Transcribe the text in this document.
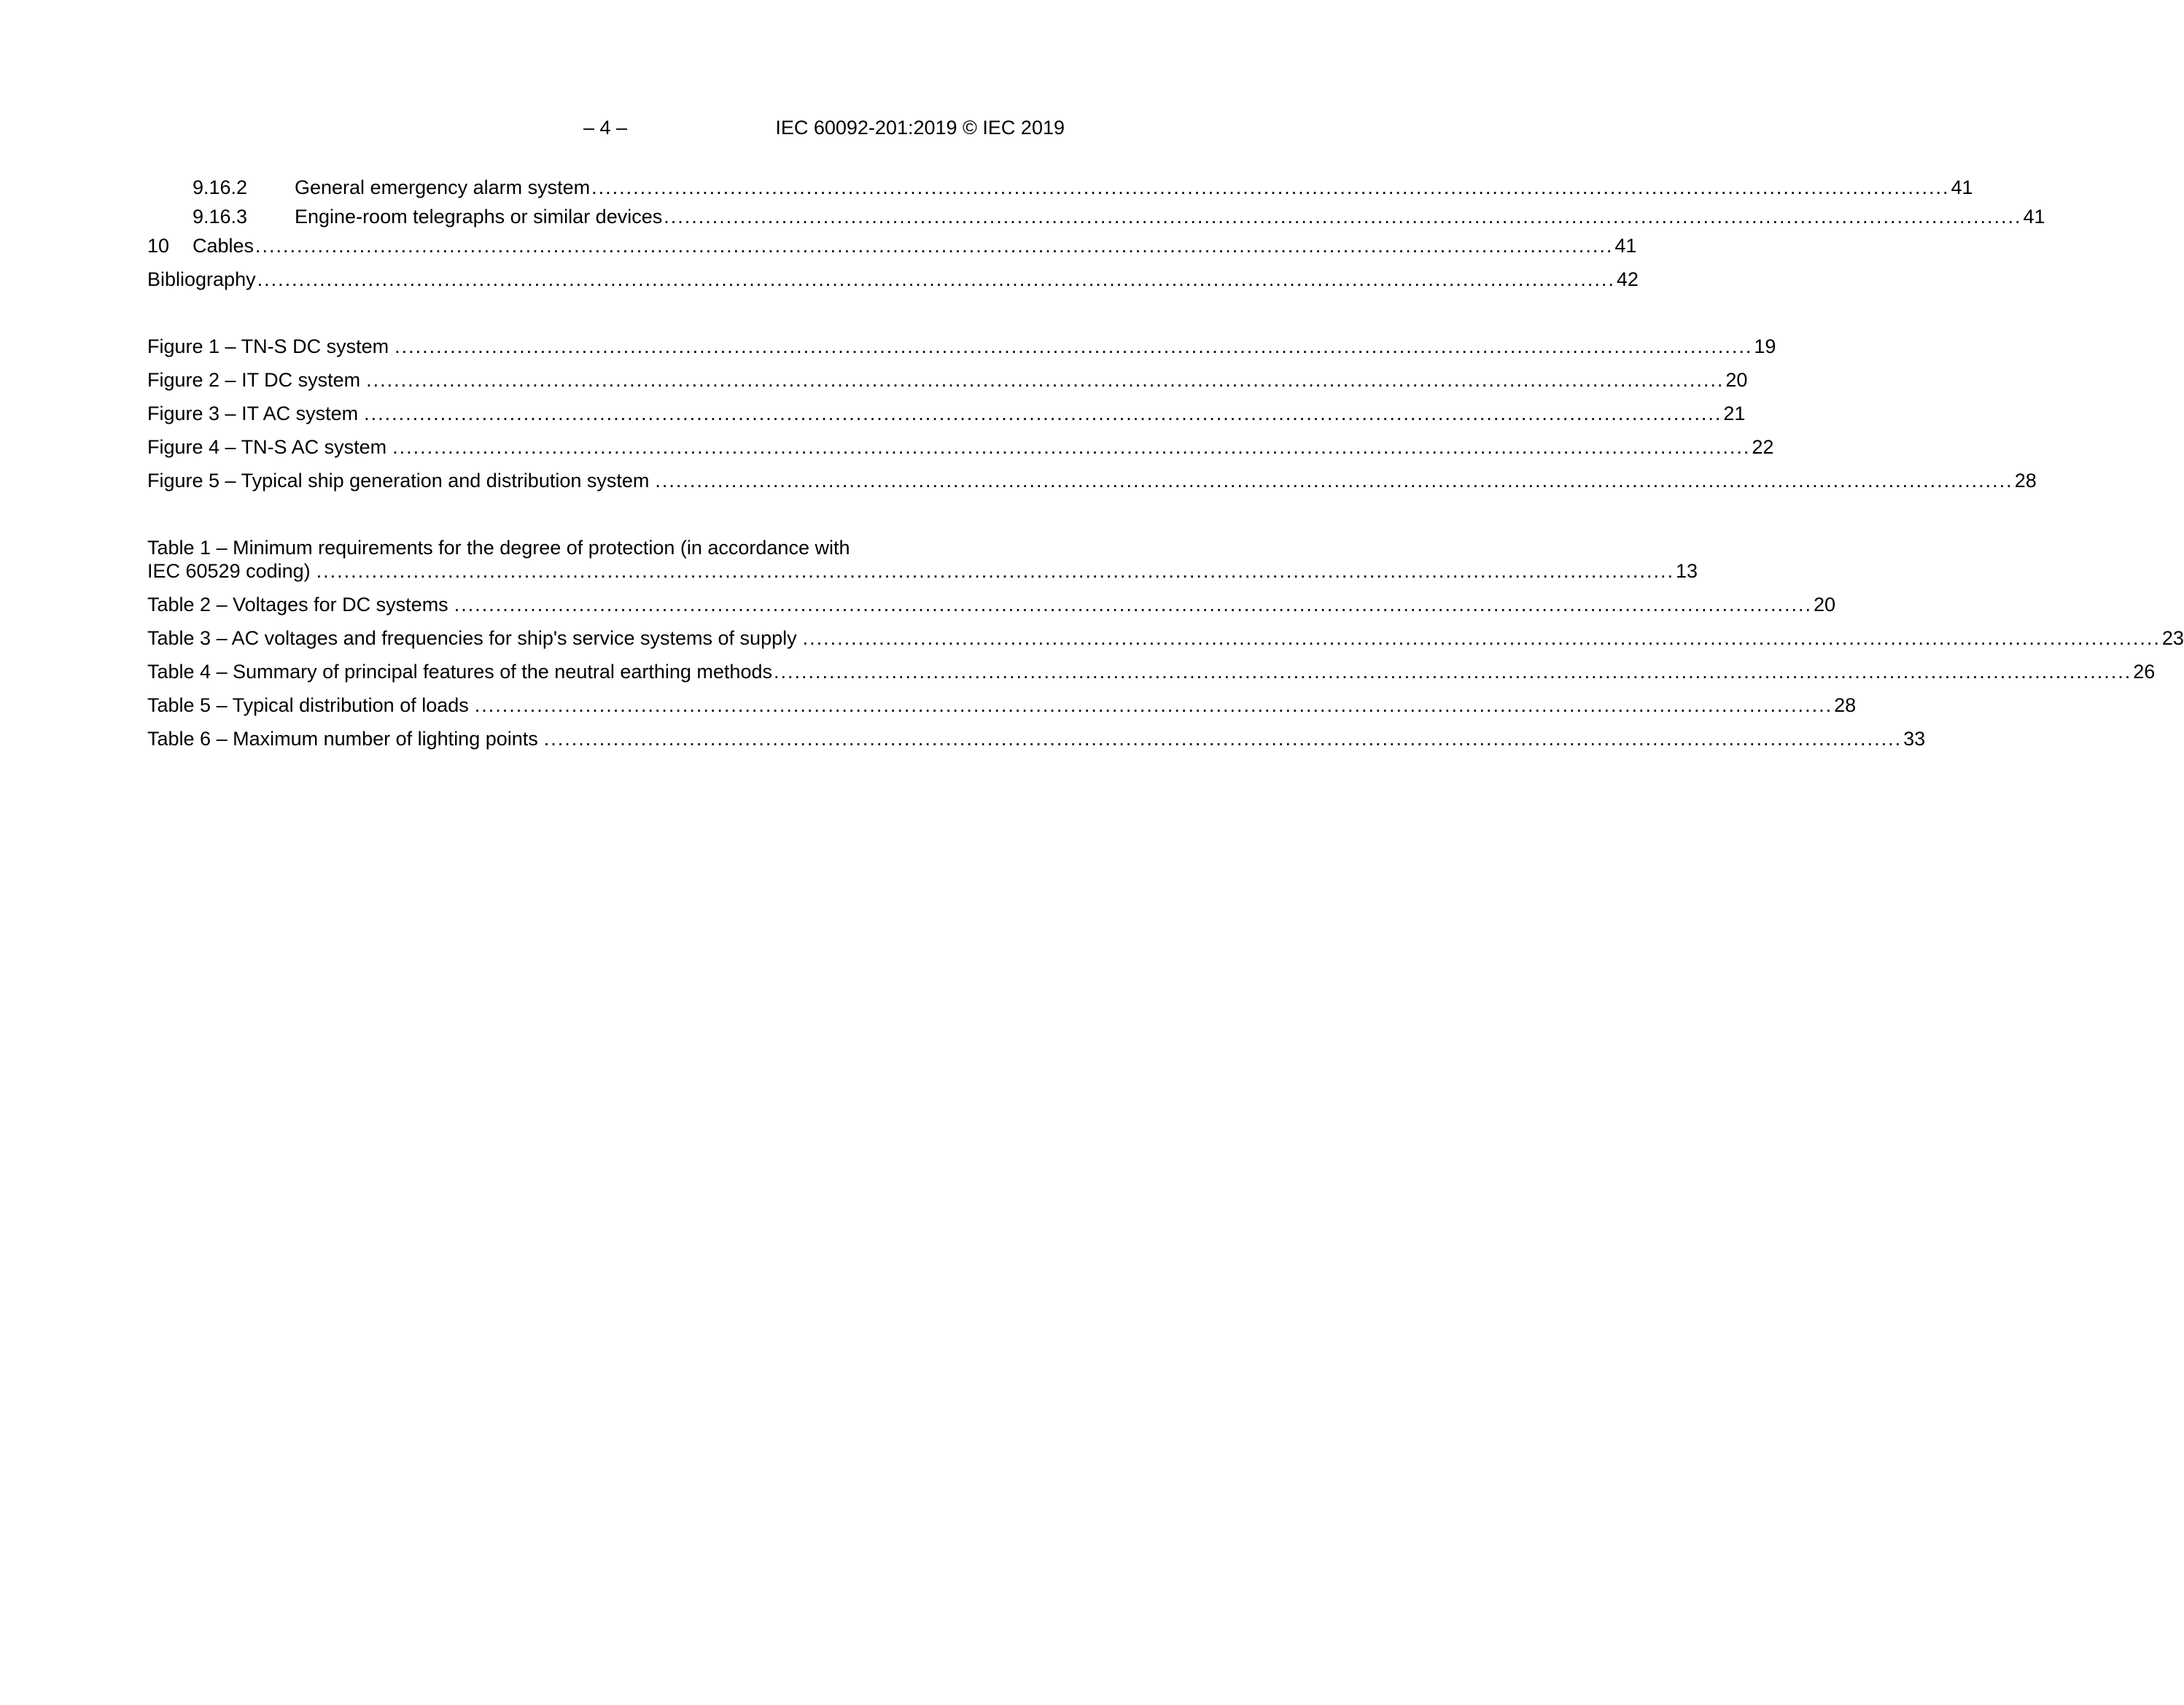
– 4 –	IEC 60092-201:2019 © IEC 2019
9.16.2	General emergency alarm system .................................................................................................................................................................................................... 41
9.16.3	Engine-room telegraphs or similar devices .................................................................................................................................................................................................... 41
10	Cables .................................................................................................................................................................................................... 41
Bibliography .................................................................................................................................................................................................... 42
Figure 1 – TN-S DC system .................................................................................................................................................................................................... 19
Figure 2 – IT DC system .................................................................................................................................................................................................... 20
Figure 3 – IT AC system .................................................................................................................................................................................................... 21
Figure 4 – TN-S AC system .................................................................................................................................................................................................... 22
Figure 5 – Typical ship generation and distribution system .................................................................................................................................................................................................... 28
Table 1 – Minimum requirements for the degree of protection (in accordance with
IEC 60529 coding) .................................................................................................................................................................................................... 13
Table 2 – Voltages for DC systems .................................................................................................................................................................................................... 20
Table 3 – AC voltages and frequencies for ship's service systems of supply .................................................................................................................................................................................................... 23
Table 4 – Summary of principal features of the neutral earthing methods .................................................................................................................................................................................................... 26
Table 5 – Typical distribution of loads .................................................................................................................................................................................................... 28
Table 6 – Maximum number of lighting points .................................................................................................................................................................................................... 33
